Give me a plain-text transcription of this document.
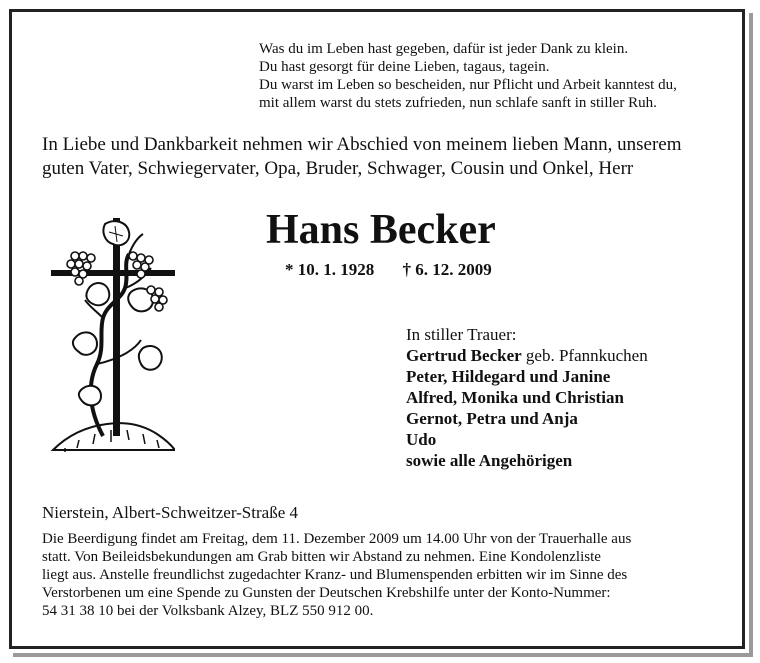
Was du im Leben hast gegeben, dafür ist jeder Dank zu klein.
Du hast gesorgt für deine Lieben, tagaus, tagein.
Du warst im Leben so bescheiden, nur Pflicht und Arbeit kanntest du,
mit allem warst du stets zufrieden, nun schlafe sanft in stiller Ruh.
In Liebe und Dankbarkeit nehmen wir Abschied von meinem lieben Mann, unserem
guten Vater, Schwiegervater, Opa, Bruder, Schwager, Cousin und Onkel, Herr
Hans Becker
* 10. 1. 1928 † 6. 12. 2009
In stiller Trauer:
Gertrud Becker geb. Pfannkuchen
Peter, Hildegard und Janine
Alfred, Monika und Christian
Gernot, Petra und Anja
Udo
sowie alle Angehörigen
Nierstein, Albert-Schweitzer-Straße 4
Die Beerdigung findet am Freitag, dem 11. Dezember 2009 um 14.00 Uhr von der Trauerhalle aus
statt. Von Beileidsbekundungen am Grab bitten wir Abstand zu nehmen. Eine Kondolenzliste
liegt aus. Anstelle freundlichst zugedachter Kranz- und Blumenspenden erbitten wir im Sinne des
Verstorbenen um eine Spende zu Gunsten der Deutschen Krebshilfe unter der Konto-Nummer:
54 31 38 10 bei der Volksbank Alzey, BLZ 550 912 00.
